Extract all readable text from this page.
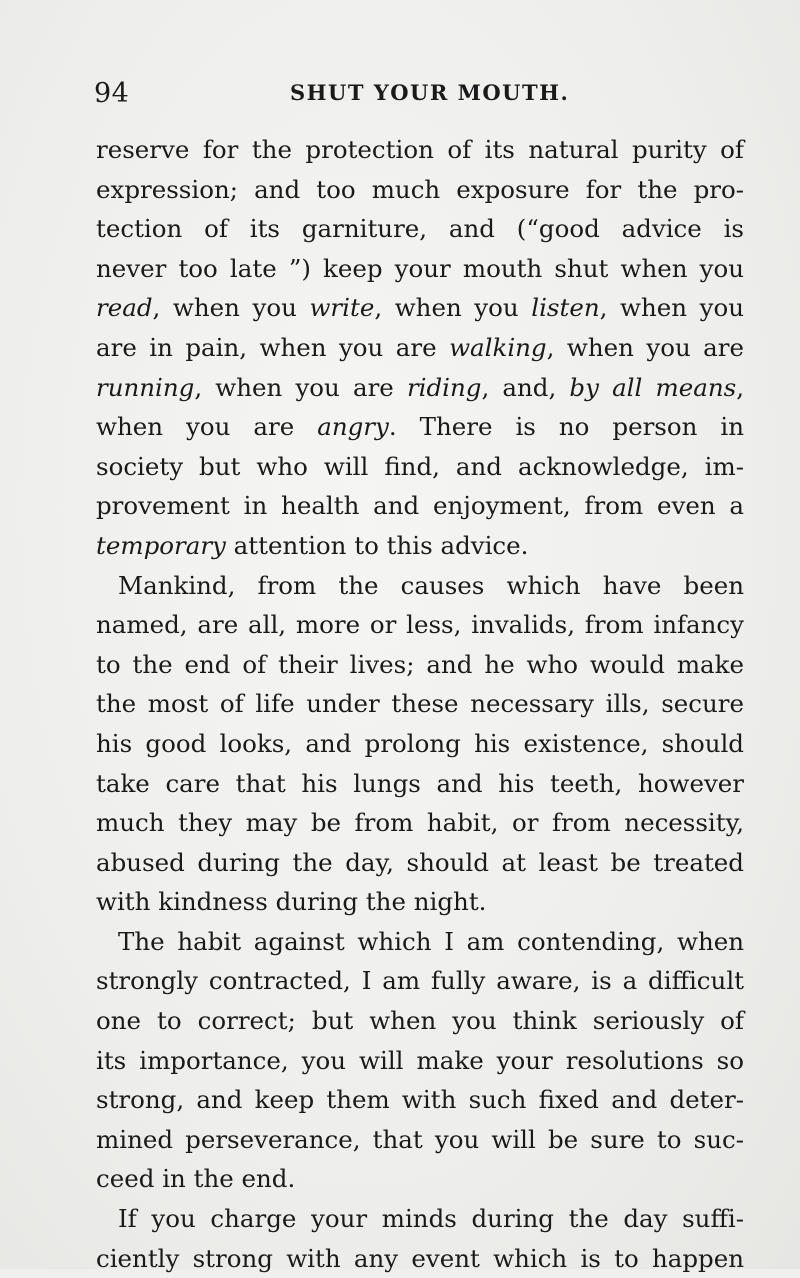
94	SHUT YOUR MOUTH.
reserve for the protection of its natural purity of
expression; and too much exposure for the pro-
tection of its garniture, and (“good advice is
never too late ”) keep your mouth shut when you
read, when you write, when you listen, when you
are in pain, when you are walking, when you are
running, when you are riding, and, by all means,
when you are angry. There is no person in
society but who will find, and acknowledge, im-
provement in health and enjoyment, from even a
temporary attention to this advice.
Mankind, from the causes which have been
named, are all, more or less, invalids, from infancy
to the end of their lives; and he who would make
the most of life under these necessary ills, secure
his good looks, and prolong his existence, should
take care that his lungs and his teeth, however
much they may be from habit, or from necessity,
abused during the day, should at least be treated
with kindness during the night.
The habit against which I am contending, when
strongly contracted, I am fully aware, is a difficult
one to correct; but when you think seriously of
its importance, you will make your resolutions so
strong, and keep them with such fixed and deter-
mined perseverance, that you will be sure to suc-
ceed in the end.
If you charge your minds during the day suffi-
ciently strong with any event which is to happen
